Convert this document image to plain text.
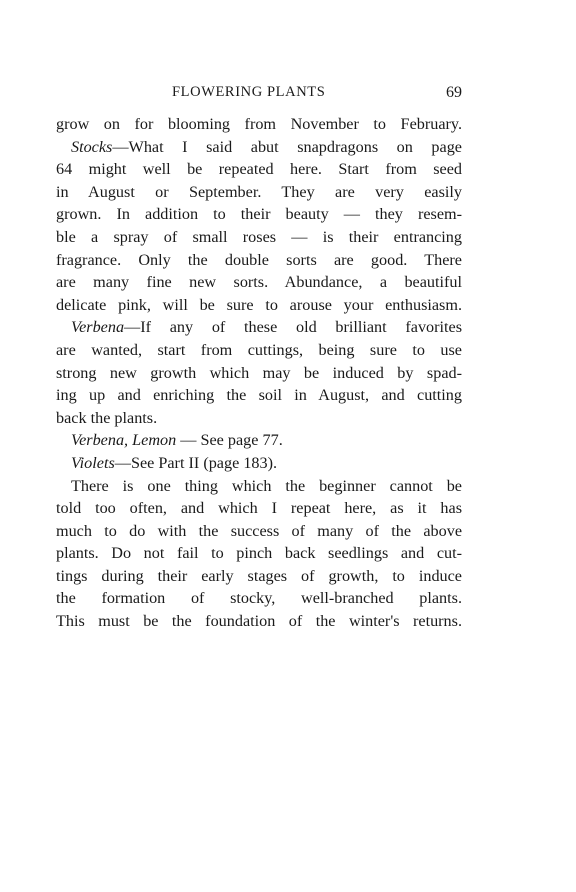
FLOWERING PLANTS	69
grow on for blooming from November to February.
Stocks—What I said abut snapdragons on page
64 might well be repeated here. Start from seed
in August or September. They are very easily
grown. In addition to their beauty — they resem-
ble a spray of small roses — is their entrancing
fragrance. Only the double sorts are good. There
are many fine new sorts. Abundance, a beautiful
delicate pink, will be sure to arouse your enthusiasm.
Verbena—If any of these old brilliant favorites
are wanted, start from cuttings, being sure to use
strong new growth which may be induced by spad-
ing up and enriching the soil in August, and cutting
back the plants.
Verbena, Lemon — See page 77.
Violets—See Part II (page 183).
There is one thing which the beginner cannot be
told too often, and which I repeat here, as it has
much to do with the success of many of the above
plants. Do not fail to pinch back seedlings and cut-
tings during their early stages of growth, to induce
the formation of stocky, well-branched plants.
This must be the foundation of the winter's returns.
